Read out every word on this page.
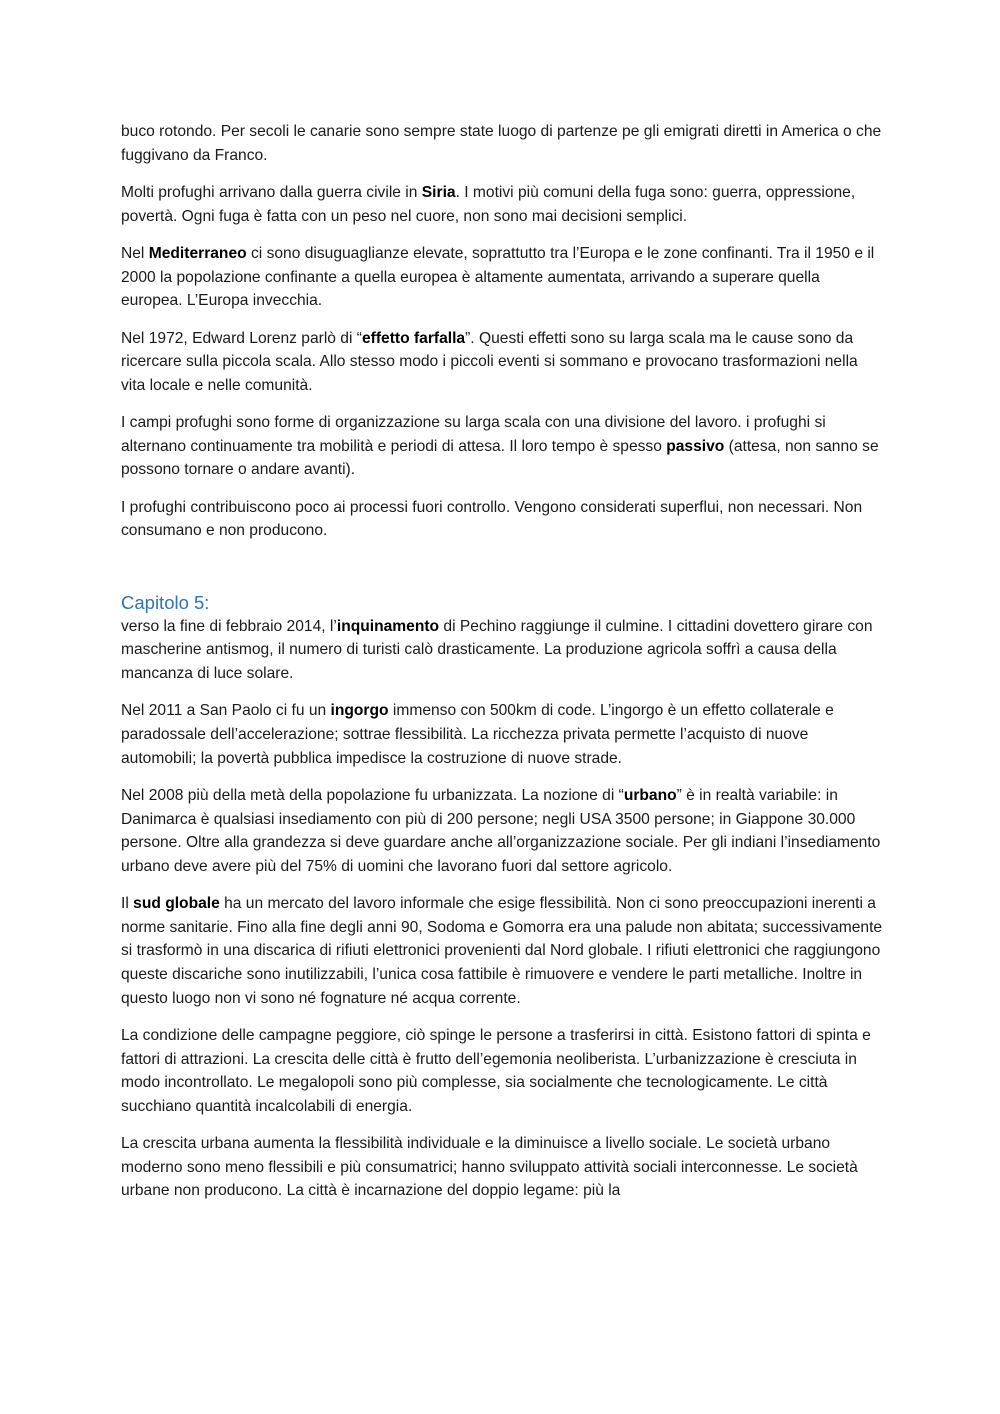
buco rotondo. Per secoli le canarie sono sempre state luogo di partenze pe gli emigrati diretti in America o che fuggivano da Franco.

Molti profughi arrivano dalla guerra civile in Siria. I motivi più comuni della fuga sono: guerra, oppressione, povertà. Ogni fuga è fatta con un peso nel cuore, non sono mai decisioni semplici.

Nel Mediterraneo ci sono disuguaglianze elevate, soprattutto tra l’Europa e le zone confinanti. Tra il 1950 e il 2000 la popolazione confinante a quella europea è altamente aumentata, arrivando a superare quella europea. L’Europa invecchia.

Nel 1972, Edward Lorenz parlò di “effetto farfalla”. Questi effetti sono su larga scala ma le cause sono da ricercare sulla piccola scala. Allo stesso modo i piccoli eventi si sommano e provocano trasformazioni nella vita locale e nelle comunità.

I campi profughi sono forme di organizzazione su larga scala con una divisione del lavoro. i profughi si alternano continuamente tra mobilità e periodi di attesa. Il loro tempo è spesso passivo (attesa, non sanno se possono tornare o andare avanti).

I profughi contribuiscono poco ai processi fuori controllo. Vengono considerati superflui, non necessari. Non consumano e non producono.

Capitolo 5:

verso la fine di febbraio 2014, l’inquinamento di Pechino raggiunge il culmine. I cittadini dovettero girare con mascherine antismog, il numero di turisti calò drasticamente. La produzione agricola soffrì a causa della mancanza di luce solare.

Nel 2011 a San Paolo ci fu un ingorgo immenso con 500km di code. L’ingorgo è un effetto collaterale e paradossale dell’accelerazione; sottrae flessibilità. La ricchezza privata permette l’acquisto di nuove automobili; la povertà pubblica impedisce la costruzione di nuove strade.

Nel 2008 più della metà della popolazione fu urbanizzata. La nozione di “urbano” è in realtà variabile: in Danimarca è qualsiasi insediamento con più di 200 persone; negli USA 3500 persone; in Giappone 30.000 persone. Oltre alla grandezza si deve guardare anche all’organizzazione sociale. Per gli indiani l’insediamento urbano deve avere più del 75% di uomini che lavorano fuori dal settore agricolo.

Il sud globale ha un mercato del lavoro informale che esige flessibilità. Non ci sono preoccupazioni inerenti a norme sanitarie. Fino alla fine degli anni 90, Sodoma e Gomorra era una palude non abitata; successivamente si trasformò in una discarica di rifiuti elettronici provenienti dal Nord globale. I rifiuti elettronici che raggiungono queste discariche sono inutilizzabili, l’unica cosa fattibile è rimuovere e vendere le parti metalliche. Inoltre in questo luogo non vi sono né fognature né acqua corrente.

La condizione delle campagne peggiore, ciò spinge le persone a trasferirsi in città. Esistono fattori di spinta e fattori di attrazioni. La crescita delle città è frutto dell’egemonia neoliberista. L’urbanizzazione è cresciuta in modo incontrollato. Le megalopoli sono più complesse, sia socialmente che tecnologicamente. Le città succhiano quantità incalcolabili di energia.

La crescita urbana aumenta la flessibilità individuale e la diminuisce a livello sociale. Le società urbano moderno sono meno flessibili e più consumatrici; hanno sviluppato attività sociali interconnesse. Le società urbane non producono. La città è incarnazione del doppio legame: più la
